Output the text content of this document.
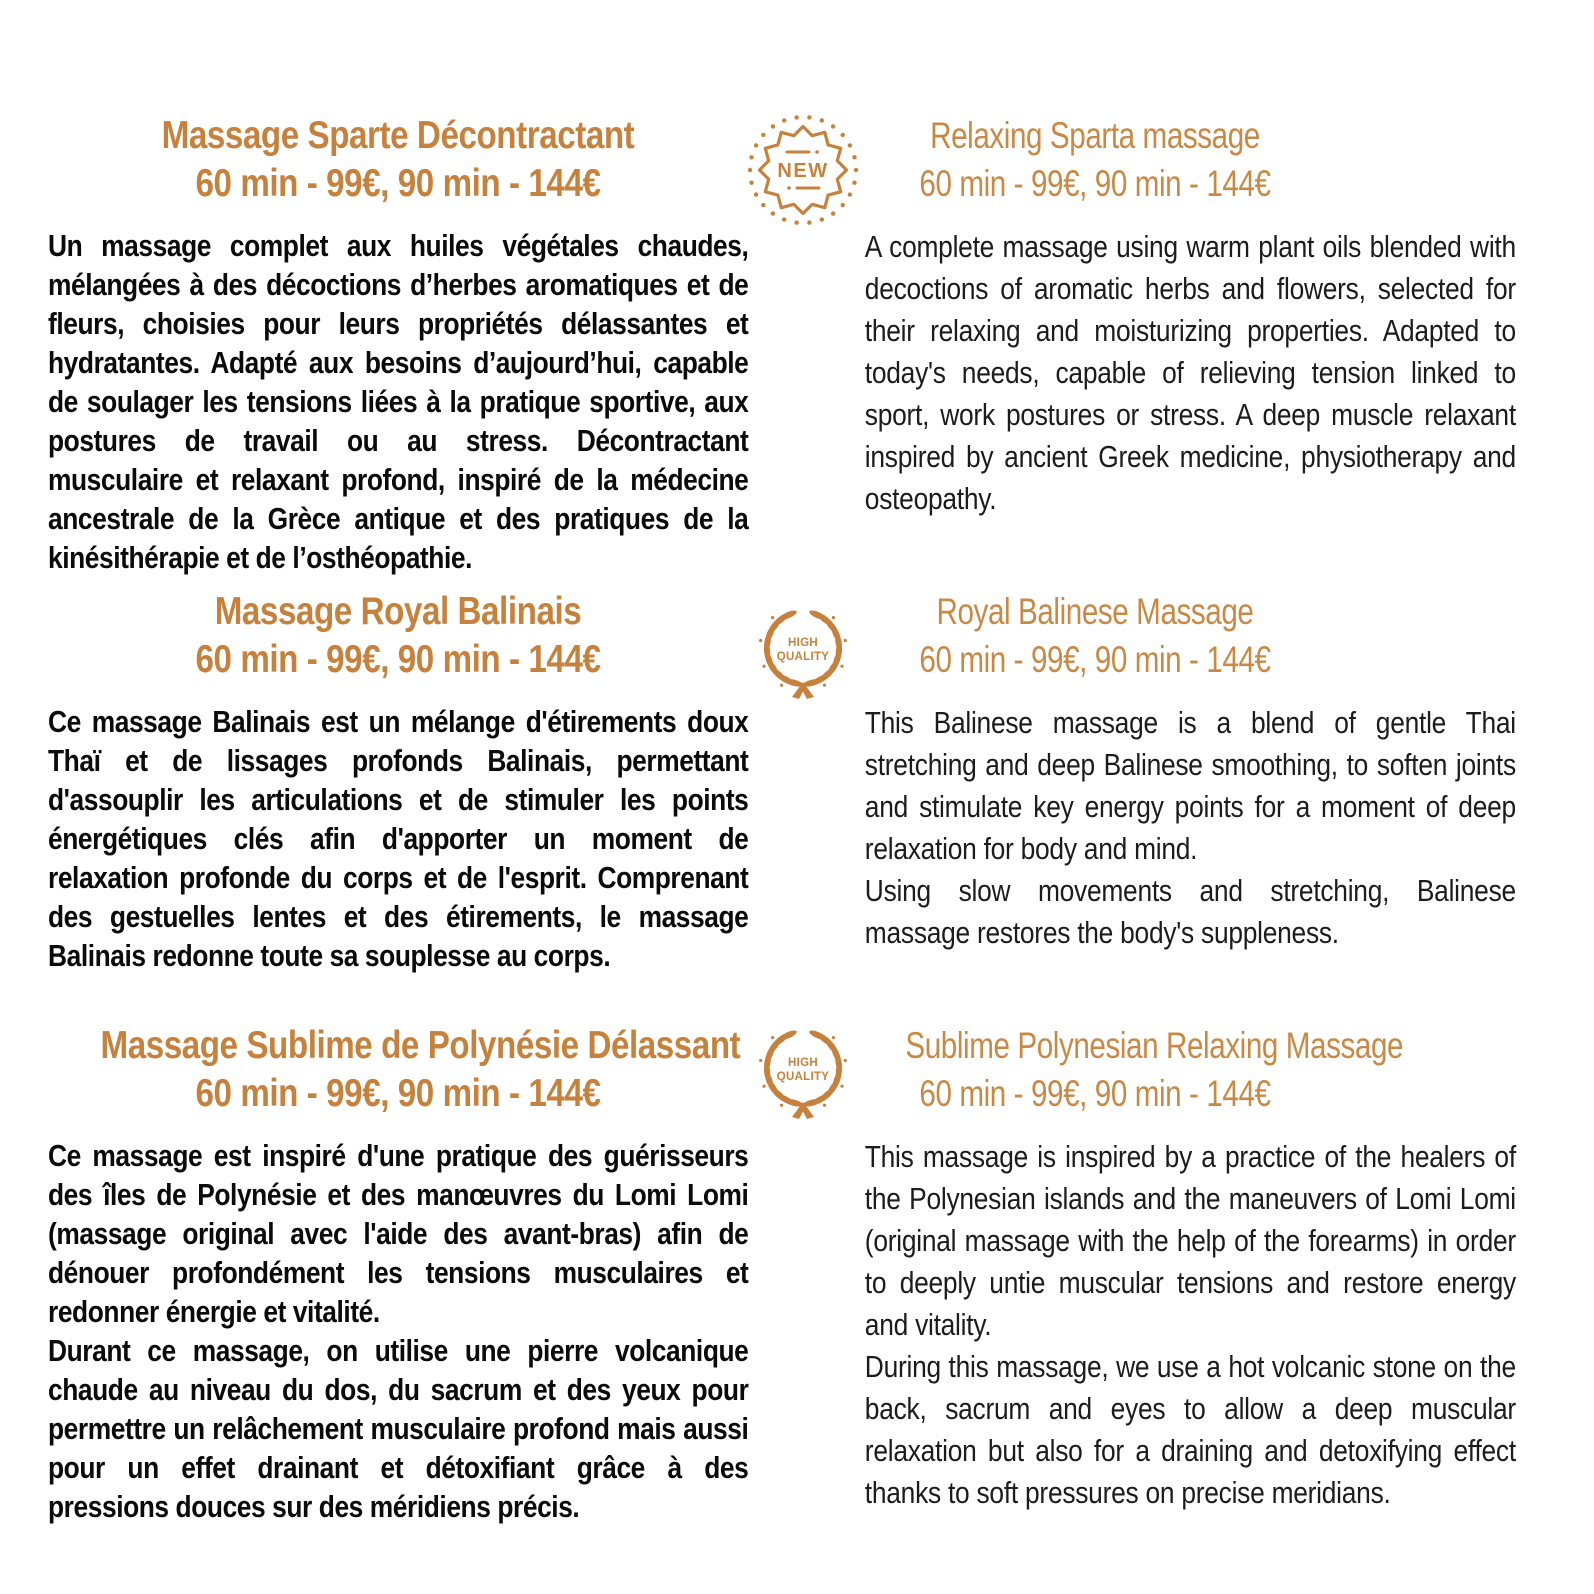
Massage Sparte Décontractant
60 min - 99€, 90 min - 144€

Un massage complet aux huiles végétales chaudes, mélangées à des décoctions d’herbes aromatiques et de fleurs, choisies pour leurs propriétés délassantes et hydratantes. Adapté aux besoins d’aujourd’hui, capable de soulager les tensions liées à la pratique sportive, aux postures de travail ou au stress. Décontractant musculaire et relaxant profond, inspiré de la médecine ancestrale de la Grèce antique et des pratiques de la kinésithérapie et de l’osthéopathie.

NEW
Relaxing Sparta massage
60 min - 99€, 90 min - 144€

A complete massage using warm plant oils blended with decoctions of aromatic herbs and flowers, selected for their relaxing and moisturizing properties. Adapted to today's needs, capable of relieving tension linked to sport, work postures or stress. A deep muscle relaxant inspired by ancient Greek medicine, physiotherapy and osteopathy.

Massage Royal Balinais
60 min - 99€, 90 min - 144€

Ce massage Balinais est un mélange d'étirements doux Thaï et de lissages profonds Balinais, permettant d'assouplir les articulations et de stimuler les points énergétiques clés afin d'apporter un moment de relaxation profonde du corps et de l'esprit. Comprenant des gestuelles lentes et des étirements, le massage Balinais redonne toute sa souplesse au corps.

HIGH
QUALITY
Royal Balinese Massage
60 min - 99€, 90 min - 144€

This Balinese massage is a blend of gentle Thai stretching and deep Balinese smoothing, to soften joints and stimulate key energy points for a moment of deep relaxation for body and mind.

Using slow movements and stretching, Balinese massage restores the body's suppleness.

Massage Sublime de Polynésie Délassant
60 min - 99€, 90 min - 144€

Ce massage est inspiré d'une pratique des guérisseurs des îles de Polynésie et des manœuvres du Lomi Lomi (massage original avec l'aide des avant-bras) afin de dénouer profondément les tensions musculaires et redonner énergie et vitalité.

Durant ce massage, on utilise une pierre volcanique chaude au niveau du dos, du sacrum et des yeux pour permettre un relâchement musculaire profond mais aussi pour un effet drainant et détoxifiant grâce à des pressions douces sur des méridiens précis.

HIGH
QUALITY
Sublime Polynesian Relaxing Massage
60 min - 99€, 90 min - 144€

This massage is inspired by a practice of the healers of the Polynesian islands and the maneuvers of Lomi Lomi (original massage with the help of the forearms) in order to deeply untie muscular tensions and restore energy and vitality.

During this massage, we use a hot volcanic stone on the back, sacrum and eyes to allow a deep muscular relaxation but also for a draining and detoxifying effect thanks to soft pressures on precise meridians.
